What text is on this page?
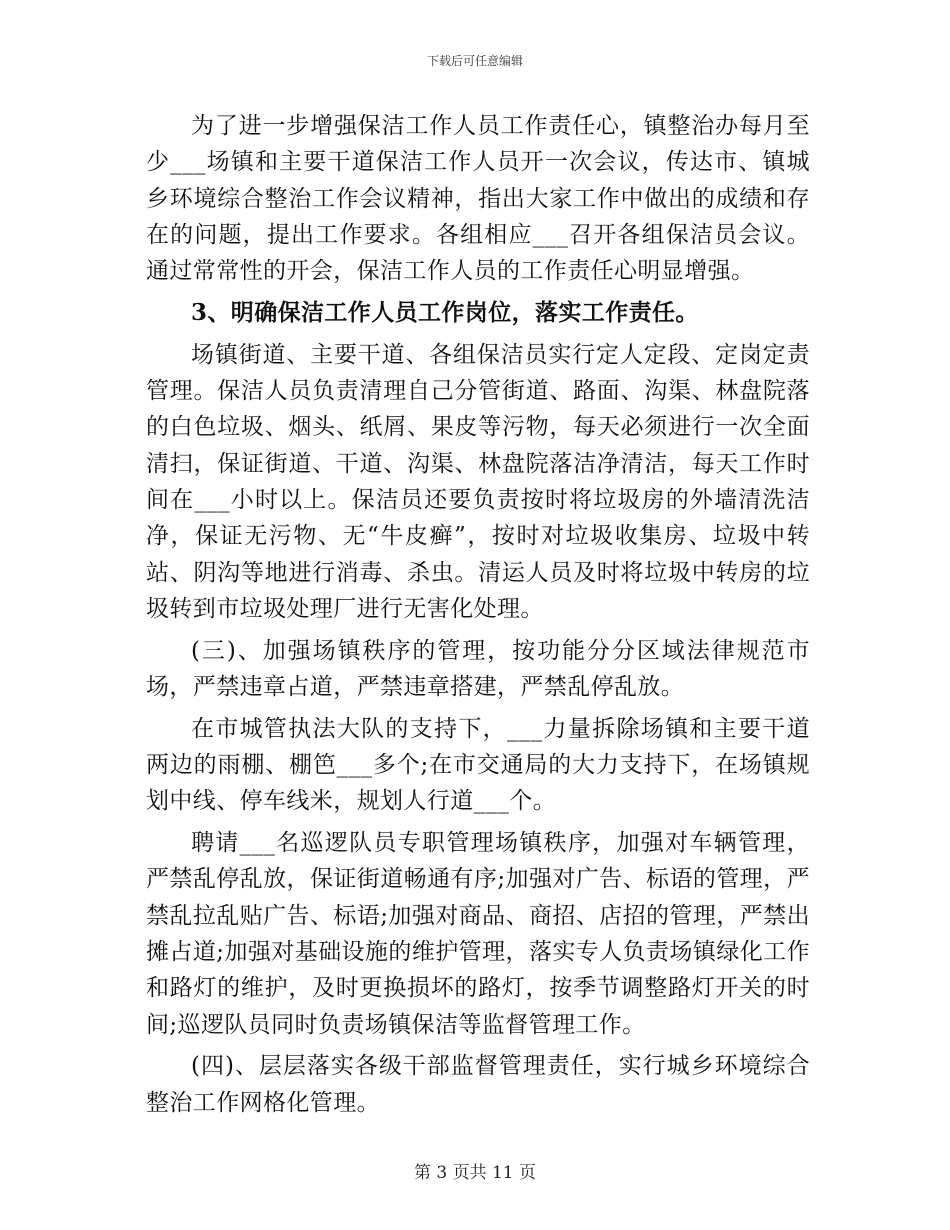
下载后可任意编辑

为了进一步增强保洁工作人员工作责任心，镇整治办每月至少___场镇和主要干道保洁工作人员开一次会议，传达市、镇城乡环境综合整治工作会议精神，指出大家工作中做出的成绩和存在的问题，提出工作要求。各组相应___召开各组保洁员会议。通过常常性的开会，保洁工作人员的工作责任心明显增强。

3、明确保洁工作人员工作岗位，落实工作责任。

场镇街道、主要干道、各组保洁员实行定人定段、定岗定责管理。保洁人员负责清理自己分管街道、路面、沟渠、林盘院落的白色垃圾、烟头、纸屑、果皮等污物，每天必须进行一次全面清扫，保证街道、干道、沟渠、林盘院落洁净清洁，每天工作时间在___小时以上。保洁员还要负责按时将垃圾房的外墙清洗洁净，保证无污物、无“牛皮癣”，按时对垃圾收集房、垃圾中转站、阴沟等地进行消毒、杀虫。清运人员及时将垃圾中转房的垃圾转到市垃圾处理厂进行无害化处理。

(三)、加强场镇秩序的管理，按功能分分区域法律规范市场，严禁违章占道，严禁违章搭建，严禁乱停乱放。

在市城管执法大队的支持下，___力量拆除场镇和主要干道两边的雨棚、棚笆___多个;在市交通局的大力支持下，在场镇规划中线、停车线米，规划人行道___个。

聘请___名巡逻队员专职管理场镇秩序，加强对车辆管理，严禁乱停乱放，保证街道畅通有序;加强对广告、标语的管理，严禁乱拉乱贴广告、标语;加强对商品、商招、店招的管理，严禁出摊占道;加强对基础设施的维护管理，落实专人负责场镇绿化工作和路灯的维护，及时更换损坏的路灯，按季节调整路灯开关的时间;巡逻队员同时负责场镇保洁等监督管理工作。

(四)、层层落实各级干部监督管理责任，实行城乡环境综合整治工作网格化管理。

第 3 页共 11 页
